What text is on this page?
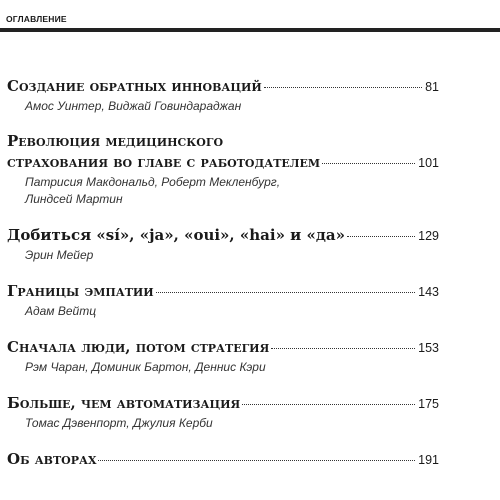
ОГЛАВЛЕНИЕ
Создание обратных инноваций	81
Амос Уинтер, Виджай Говиндараджан
Революция медицинского
страхования во главе с работодателем	101
Патрисия Макдональд, Роберт Мекленбург,
Линдсей Мартин
Добиться «sí», «ja», «oui», «hai» и «да»	129
Эрин Мейер
Границы эмпатии	143
Адам Вейтц
Сначала люди, потом стратегия	153
Рэм Чаран, Доминик Бартон, Деннис Кэри
Больше, чем автоматизация	175
Томас Дэвенпорт, Джулия Керби
Об авторах	191
